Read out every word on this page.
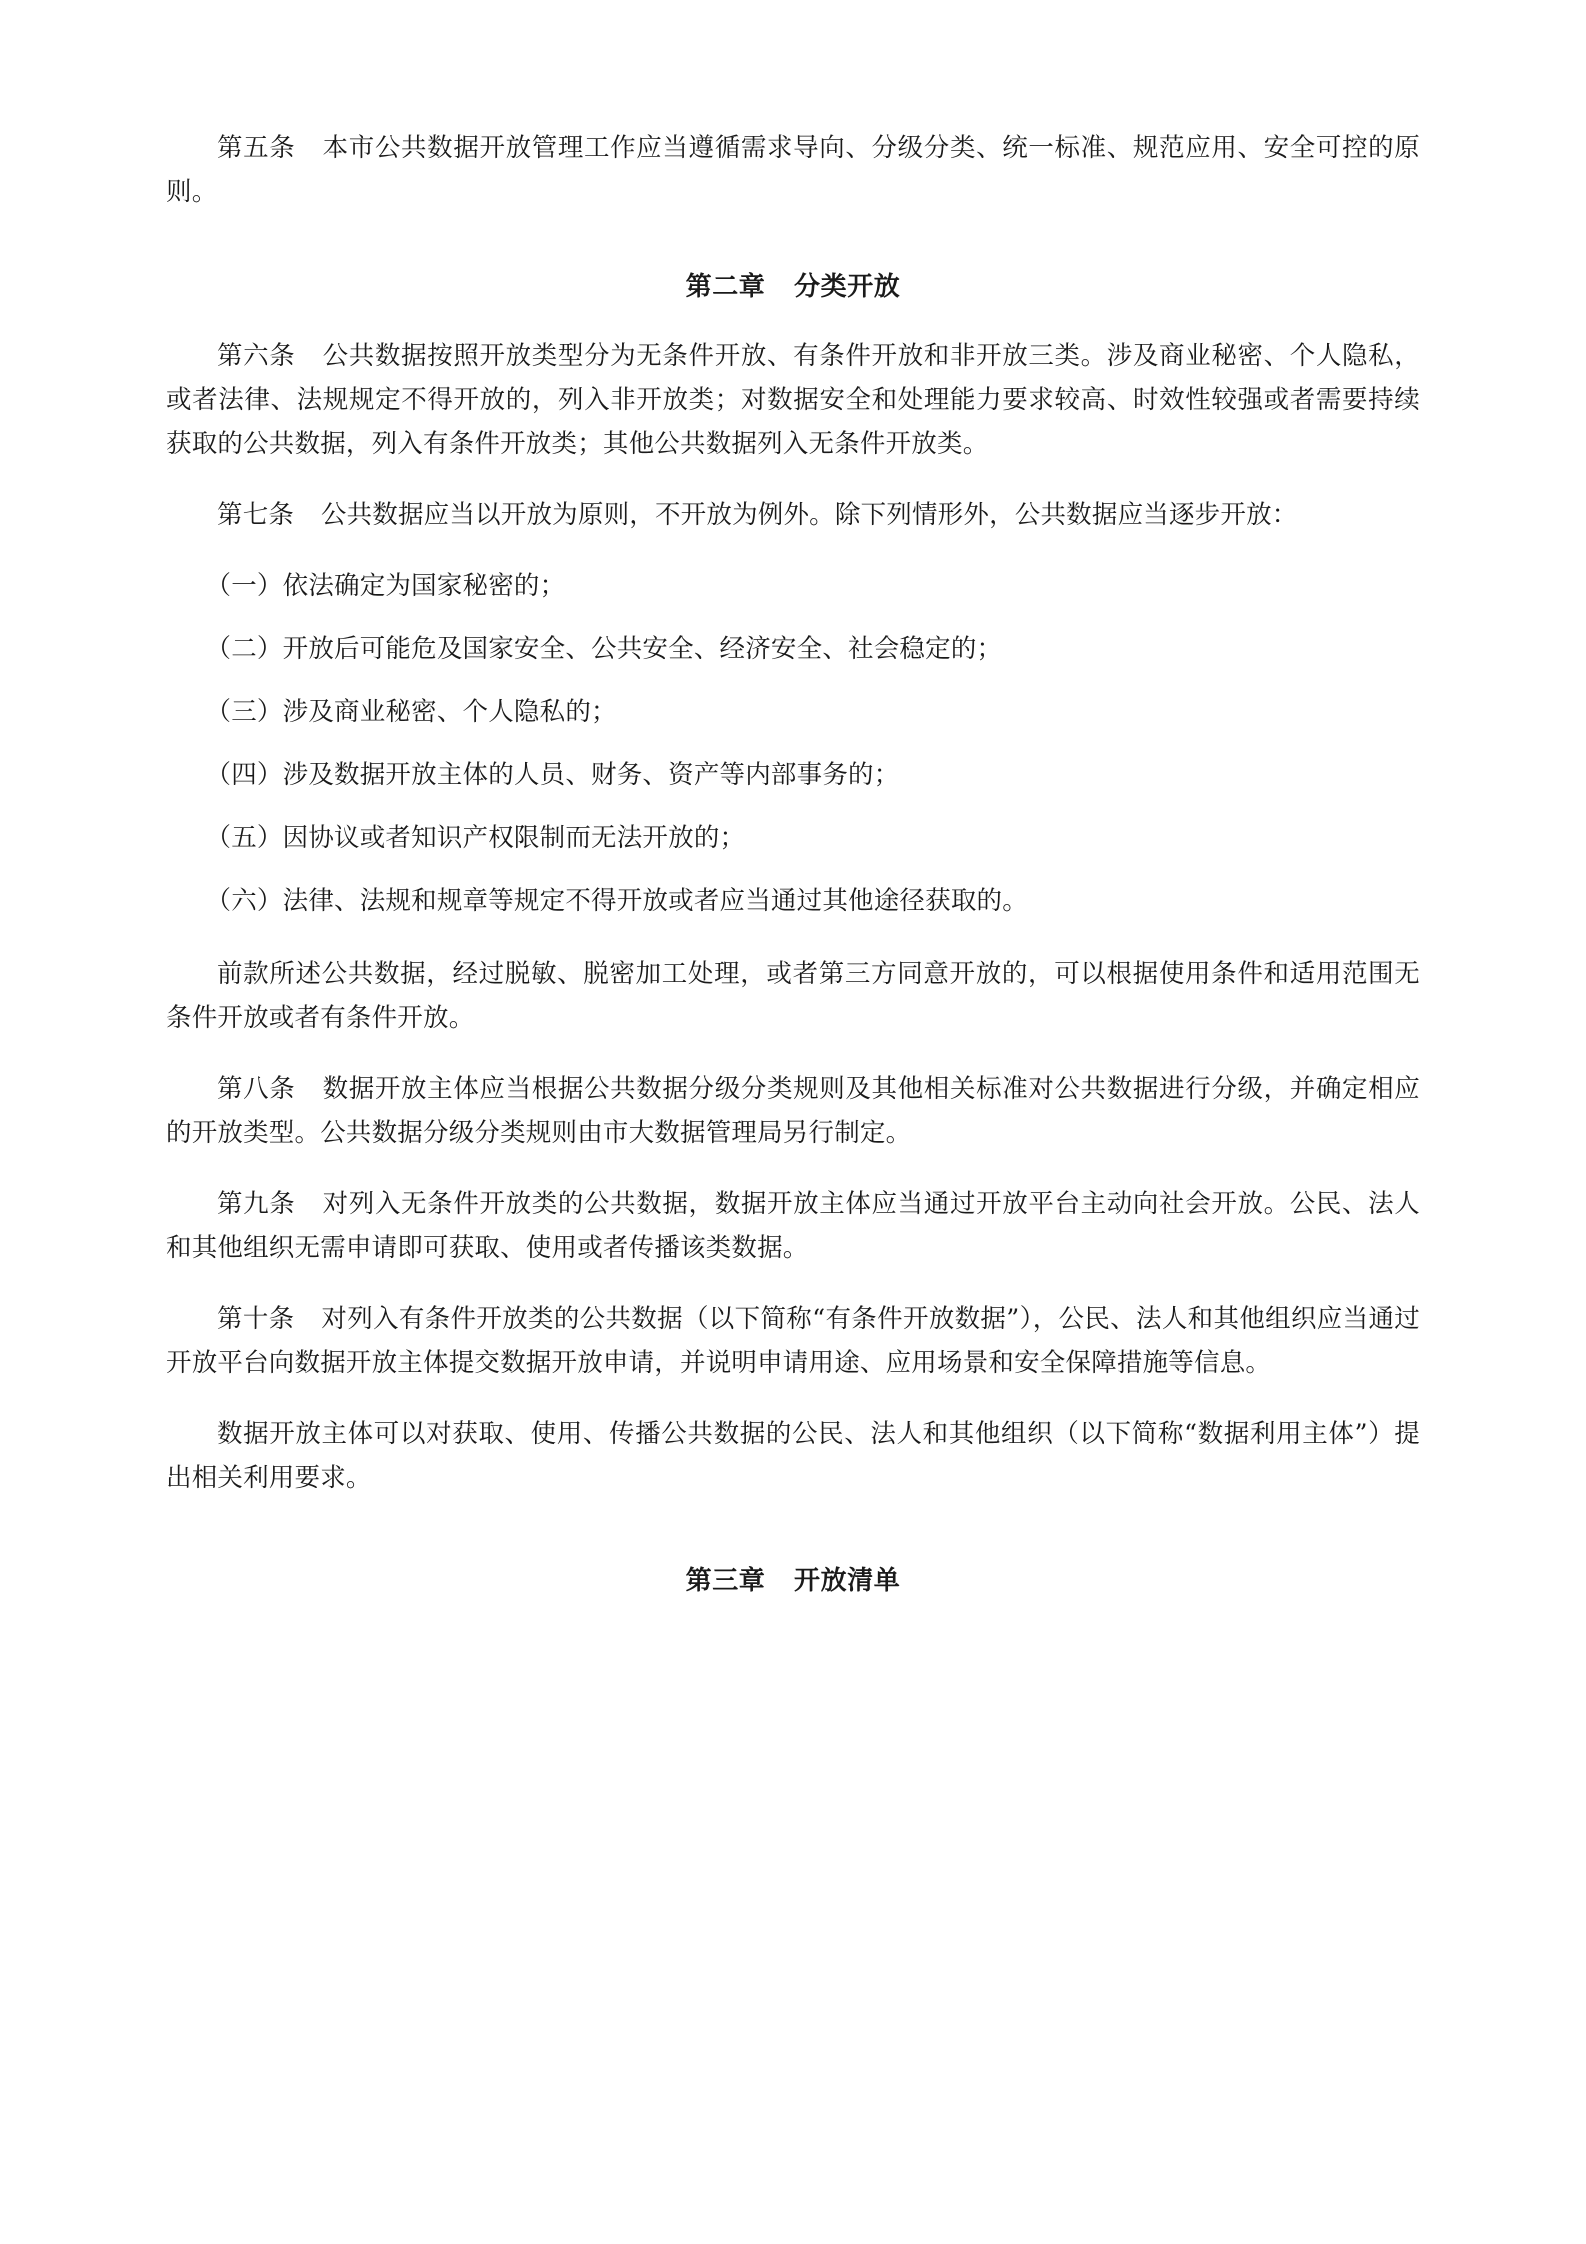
第五条 本市公共数据开放管理工作应当遵循需求导向、分级分类、统一标准、规范应用、安全可控的原则。

第二章 分类开放

第六条 公共数据按照开放类型分为无条件开放、有条件开放和非开放三类。涉及商业秘密、个人隐私，或者法律、法规规定不得开放的，列入非开放类；对数据安全和处理能力要求较高、时效性较强或者需要持续获取的公共数据，列入有条件开放类；其他公共数据列入无条件开放类。

第七条 公共数据应当以开放为原则，不开放为例外。除下列情形外，公共数据应当逐步开放：

（一）依法确定为国家秘密的；

（二）开放后可能危及国家安全、公共安全、经济安全、社会稳定的；

（三）涉及商业秘密、个人隐私的；

（四）涉及数据开放主体的人员、财务、资产等内部事务的；

（五）因协议或者知识产权限制而无法开放的；

（六）法律、法规和规章等规定不得开放或者应当通过其他途径获取的。

前款所述公共数据，经过脱敏、脱密加工处理，或者第三方同意开放的，可以根据使用条件和适用范围无条件开放或者有条件开放。

第八条 数据开放主体应当根据公共数据分级分类规则及其他相关标准对公共数据进行分级，并确定相应的开放类型。公共数据分级分类规则由市大数据管理局另行制定。

第九条 对列入无条件开放类的公共数据，数据开放主体应当通过开放平台主动向社会开放。公民、法人和其他组织无需申请即可获取、使用或者传播该类数据。

第十条 对列入有条件开放类的公共数据（以下简称“有条件开放数据”），公民、法人和其他组织应当通过开放平台向数据开放主体提交数据开放申请，并说明申请用途、应用场景和安全保障措施等信息。

数据开放主体可以对获取、使用、传播公共数据的公民、法人和其他组织（以下简称“数据利用主体”）提出相关利用要求。

第三章 开放清单
